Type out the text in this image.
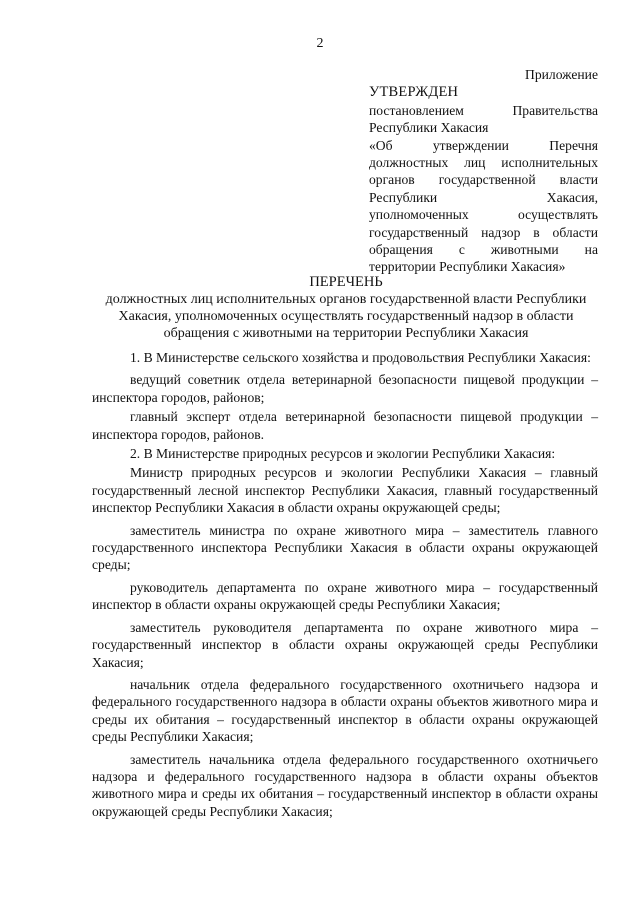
2
Приложение
УТВЕРЖДЕН
постановлением Правительства
Республики Хакасия
«Об утверждении Перечня
должностных лиц исполнительных
органов государственной власти
Республики Хакасия,
уполномоченных осуществлять
государственный надзор в области
обращения с животными на
территории Республики Хакасия»
ПЕРЕЧЕНЬ
должностных лиц исполнительных органов государственной власти Республики Хакасия, уполномоченных осуществлять государственный надзор в области обращения с животными на территории Республики Хакасия

1. В Министерстве сельского хозяйства и продовольствия Республики Хакасия:

ведущий советник отдела ветеринарной безопасности пищевой продукции – инспектора городов, районов;

главный эксперт отдела ветеринарной безопасности пищевой продукции – инспектора городов, районов.

2. В Министерстве природных ресурсов и экологии Республики Хакасия:

Министр природных ресурсов и экологии Республики Хакасия – главный государственный лесной инспектор Республики Хакасия, главный государственный инспектор Республики Хакасия в области охраны окружающей среды;

заместитель министра по охране животного мира – заместитель главного государственного инспектора Республики Хакасия в области охраны окружающей среды;

руководитель департамента по охране животного мира – государственный инспектор в области охраны окружающей среды Республики Хакасия;

заместитель руководителя департамента по охране животного мира – государственный инспектор в области охраны окружающей среды Республики Хакасия;

начальник отдела федерального государственного охотничьего надзора и федерального государственного надзора в области охраны объектов животного мира и среды их обитания – государственный инспектор в области охраны окружающей среды Республики Хакасия;

заместитель начальника отдела федерального государственного охотничьего надзора и федерального государственного надзора в области охраны объектов животного мира и среды их обитания – государственный инспектор в области охраны окружающей среды Республики Хакасия;
